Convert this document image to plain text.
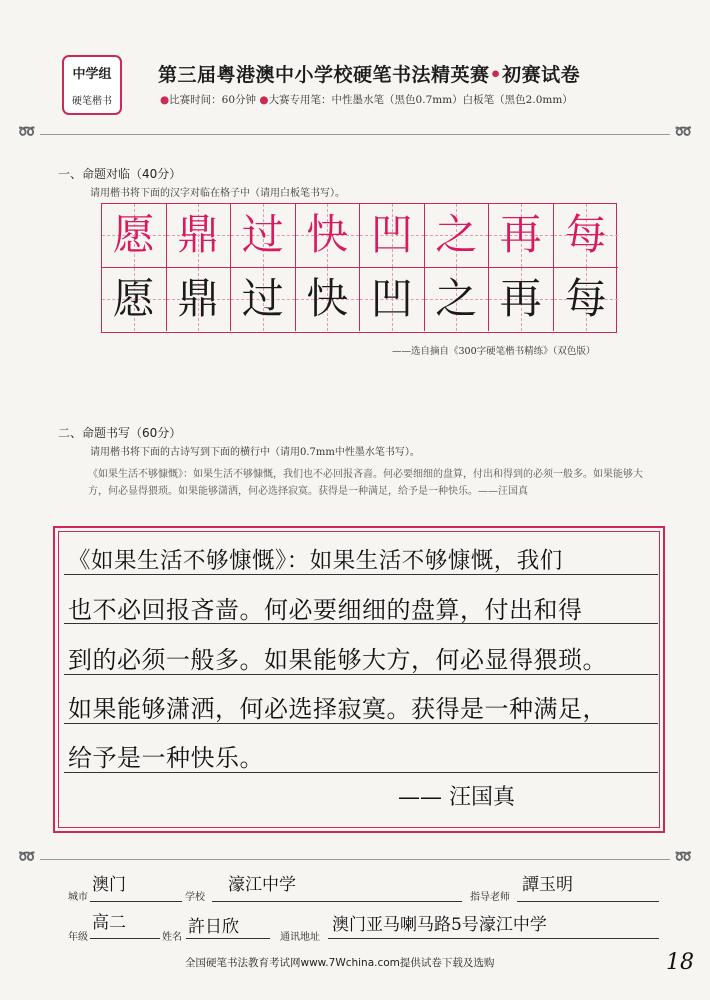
中学组
硬笔楷书
第三届粤港澳中小学校硬笔书法精英赛•初赛试卷
●比赛时间：60分钟 ●大赛专用笔：中性墨水笔（黑色0.7mm）白板笔（黑色2.0mm）
➿	➿
一、命题对临（40分）
请用楷书将下面的汉字对临在格子中（请用白板笔书写）。
愿 鼎 过 快 凹 之 再 每
愿 鼎 过 快 凹 之 再 每
——选自摘自《300字硬笔楷书精练》（双色版）
二、命题书写（60分）
请用楷书将下面的古诗写到下面的横行中（请用0.7mm中性墨水笔书写）。
《如果生活不够慷慨》：如果生活不够慷慨，我们也不必回报吝啬。何必要细细的盘算，付出和得到的必须一般多。如果能够大方，何必显得猥琐。如果能够潇洒，何必选择寂寞。获得是一种满足，给予是一种快乐。——汪国真
《如果生活不够慷慨》：如果生活不够慷慨，我们
也不必回报吝啬。何必要细细的盘算，付出和得
到的必须一般多。如果能够大方，何必显得猥琐。
如果能够潇洒，何必选择寂寞。获得是一种满足，
给予是一种快乐。
—— 汪国真
➿	➿
城市
澳门
学校
濠江中学
指导老师
譚玉明
年级
高二
姓名
許日欣
通讯地址
澳门亚马喇马路5号濠江中学
全国硬笔书法教育考试网www.7Wchina.com提供试卷下载及选购	18
